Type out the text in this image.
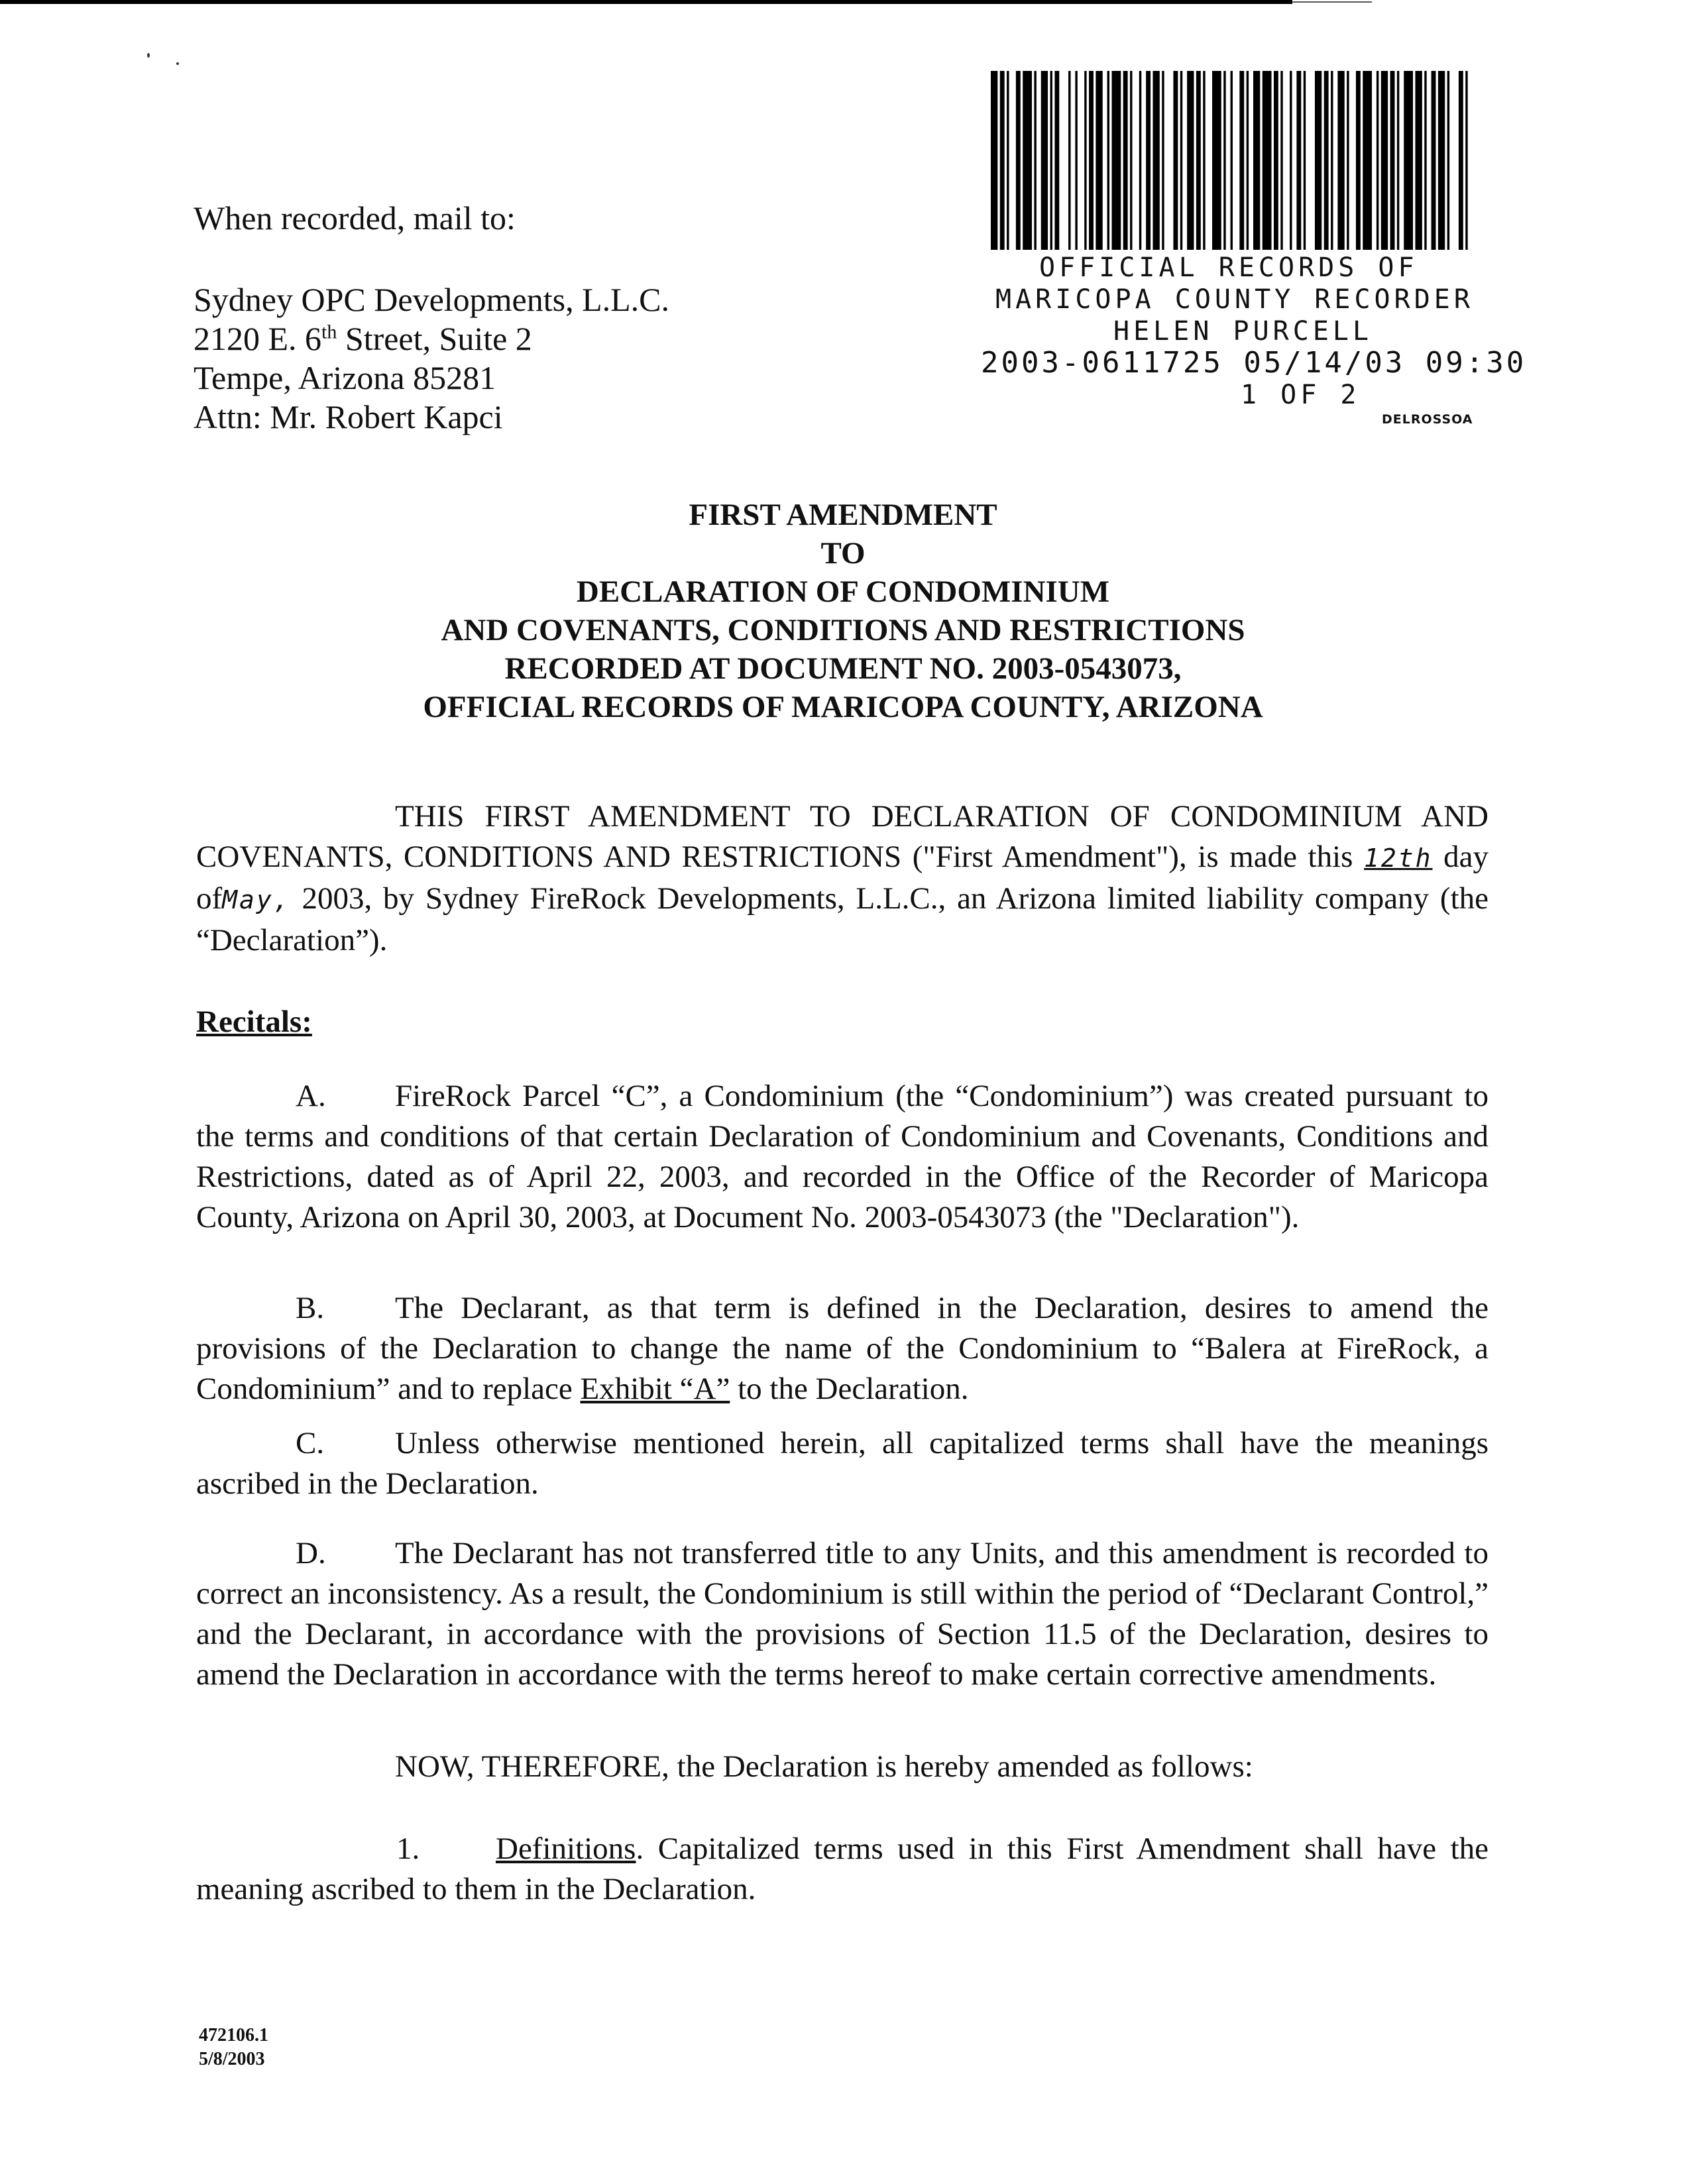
When recorded, mail to:
Sydney OPC Developments, L.L.C.
2120 E. 6th Street, Suite 2
Tempe, Arizona 85281
Attn: Mr. Robert Kapci
OFFICIAL RECORDS OF
MARICOPA COUNTY RECORDER
HELEN PURCELL
2003-0611725 05/14/03 09:30
1 OF 2
DELROSSOA
FIRST AMENDMENT
TO
DECLARATION OF CONDOMINIUM
AND COVENANTS, CONDITIONS AND RESTRICTIONS
RECORDED AT DOCUMENT NO. 2003-0543073,
OFFICIAL RECORDS OF MARICOPA COUNTY, ARIZONA
THIS FIRST AMENDMENT TO DECLARATION OF CONDOMINIUM AND COVENANTS, CONDITIONS AND RESTRICTIONS ("First Amendment"), is made this 12th day ofMay, 2003, by Sydney FireRock Developments, L.L.C., an Arizona limited liability company (the “Declaration”).
Recitals:
A. FireRock Parcel “C”, a Condominium (the “Condominium”) was created pursuant to the terms and conditions of that certain Declaration of Condominium and Covenants, Conditions and Restrictions, dated as of April 22, 2003, and recorded in the Office of the Recorder of Maricopa County, Arizona on April 30, 2003, at Document No. 2003-0543073 (the "Declaration").
B. The Declarant, as that term is defined in the Declaration, desires to amend the provisions of the Declaration to change the name of the Condominium to “Balera at FireRock, a Condominium” and to replace Exhibit “A” to the Declaration.
C. Unless otherwise mentioned herein, all capitalized terms shall have the meanings ascribed in the Declaration.
D. The Declarant has not transferred title to any Units, and this amendment is recorded to correct an inconsistency. As a result, the Condominium is still within the period of “Declarant Control,” and the Declarant, in accordance with the provisions of Section 11.5 of the Declaration, desires to amend the Declaration in accordance with the terms hereof to make certain corrective amendments.
NOW, THEREFORE, the Declaration is hereby amended as follows:
1. Definitions. Capitalized terms used in this First Amendment shall have the meaning ascribed to them in the Declaration.
472106.1
5/8/2003
